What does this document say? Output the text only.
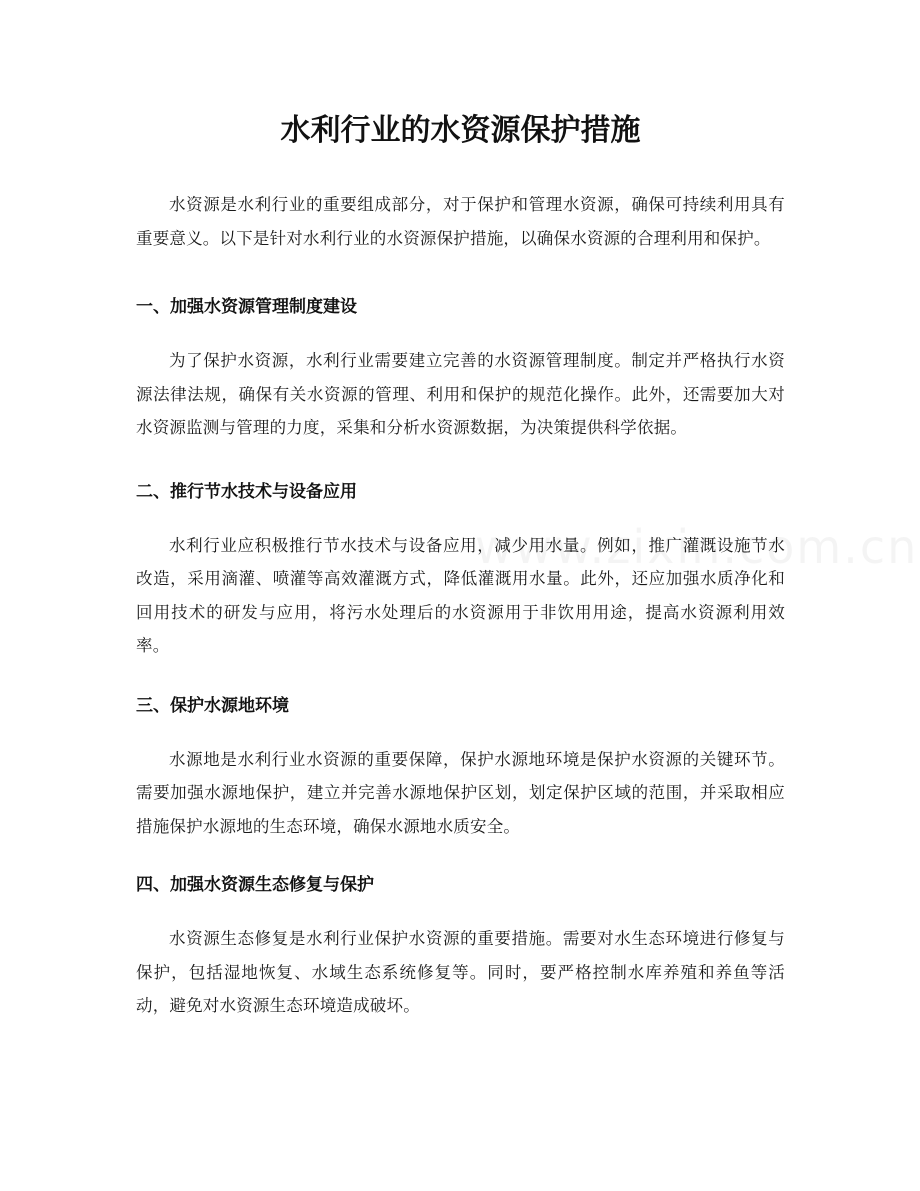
水利行业的水资源保护措施

水资源是水利行业的重要组成部分，对于保护和管理水资源，确保可持续利用具有重要意义。以下是针对水利行业的水资源保护措施，以确保水资源的合理利用和保护。

一、加强水资源管理制度建设

为了保护水资源，水利行业需要建立完善的水资源管理制度。制定并严格执行水资源法律法规，确保有关水资源的管理、利用和保护的规范化操作。此外，还需要加大对水资源监测与管理的力度，采集和分析水资源数据，为决策提供科学依据。

二、推行节水技术与设备应用

水利行业应积极推行节水技术与设备应用，减少用水量。例如，推广灌溉设施节水改造，采用滴灌、喷灌等高效灌溉方式，降低灌溉用水量。此外，还应加强水质净化和回用技术的研发与应用，将污水处理后的水资源用于非饮用用途，提高水资源利用效率。

三、保护水源地环境

水源地是水利行业水资源的重要保障，保护水源地环境是保护水资源的关键环节。需要加强水源地保护，建立并完善水源地保护区划，划定保护区域的范围，并采取相应措施保护水源地的生态环境，确保水源地水质安全。

四、加强水资源生态修复与保护

水资源生态修复是水利行业保护水资源的重要措施。需要对水生态环境进行修复与保护，包括湿地恢复、水域生态系统修复等。同时，要严格控制水库养殖和养鱼等活动，避免对水资源生态环境造成破坏。
